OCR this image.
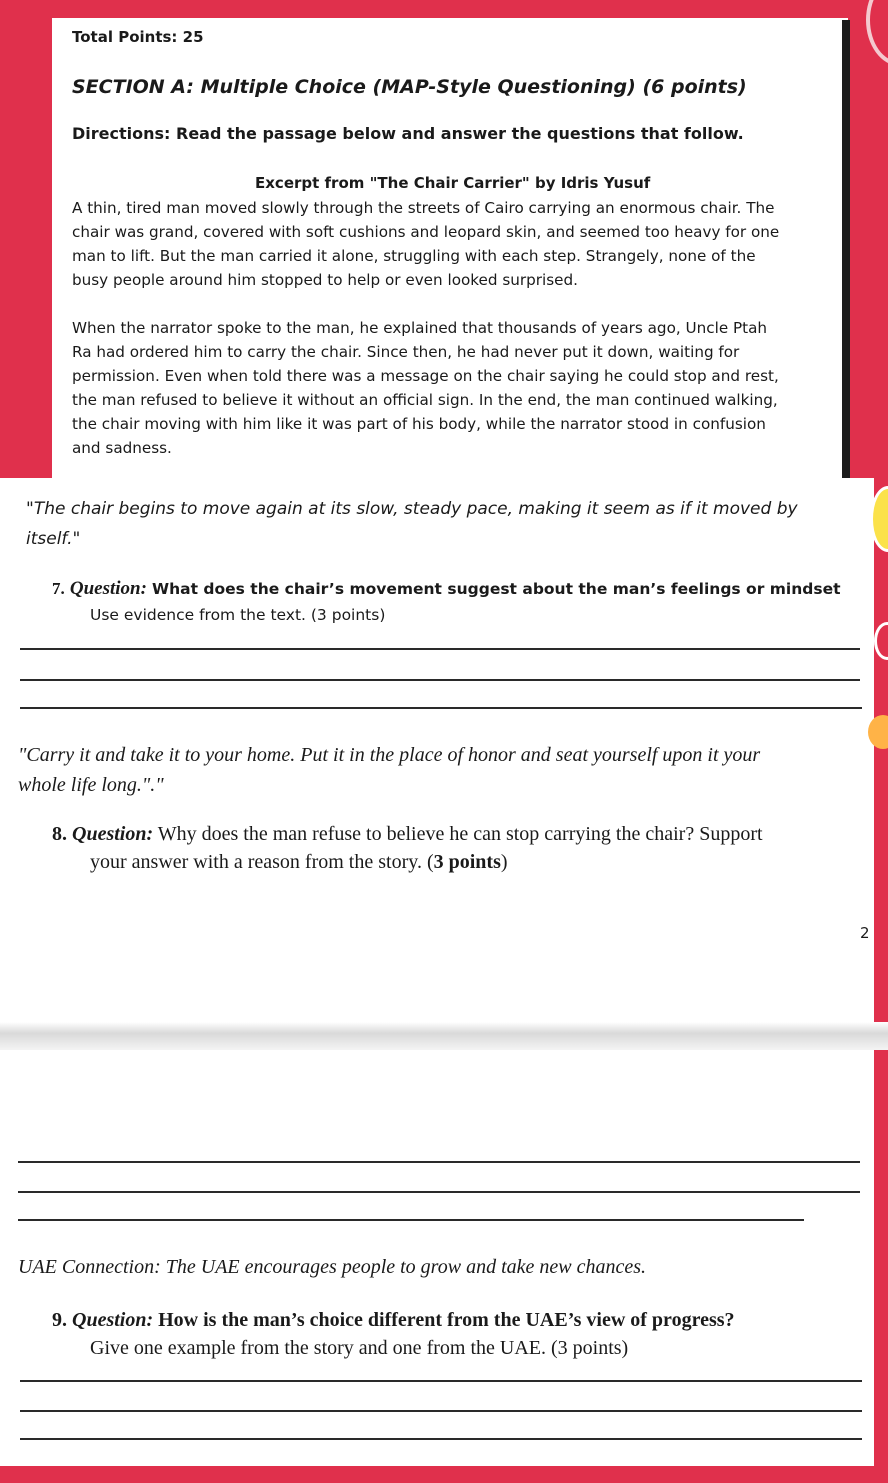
Total Points: 25
SECTION A: Multiple Choice (MAP-Style Questioning) (6 points)
Directions: Read the passage below and answer the questions that follow.
Excerpt from "The Chair Carrier" by Idris Yusuf
A thin, tired man moved slowly through the streets of Cairo carrying an enormous chair. The
chair was grand, covered with soft cushions and leopard skin, and seemed too heavy for one
man to lift. But the man carried it alone, struggling with each step. Strangely, none of the
busy people around him stopped to help or even looked surprised.
When the narrator spoke to the man, he explained that thousands of years ago, Uncle Ptah
Ra had ordered him to carry the chair. Since then, he had never put it down, waiting for
permission. Even when told there was a message on the chair saying he could stop and rest,
the man refused to believe it without an official sign. In the end, the man continued walking,
the chair moving with him like it was part of his body, while the narrator stood in confusion
and sadness.
"The chair begins to move again at its slow, steady pace, making it seem as if it moved by
itself."
7. Question: What does the chair’s movement suggest about the man’s feelings or mindset
Use evidence from the text. (3 points)
"Carry it and take it to your home. Put it in the place of honor and seat yourself upon it your
whole life long."."
8. Question: Why does the man refuse to believe he can stop carrying the chair? Support
your answer with a reason from the story. (3 points)
2
UAE Connection: The UAE encourages people to grow and take new chances.
9. Question: How is the man’s choice different from the UAE’s view of progress?
Give one example from the story and one from the UAE. (3 points)
